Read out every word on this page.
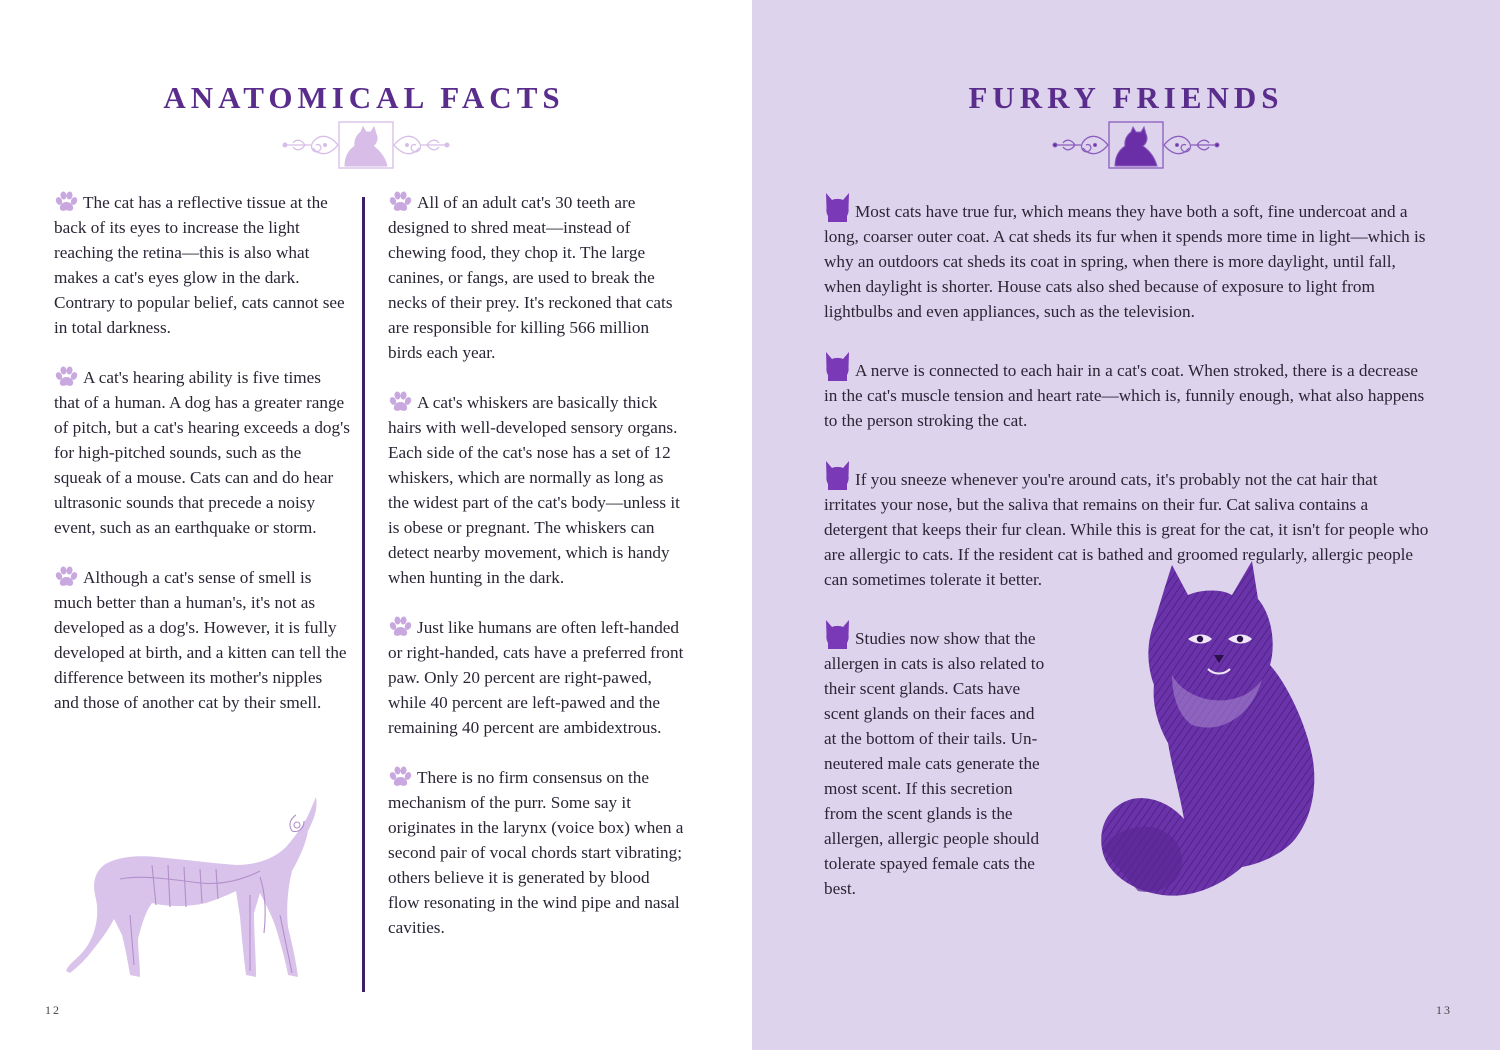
ANATOMICAL FACTS

The cat has a reflective tissue at the back of its eyes to increase the light reaching the retina—this is also what makes a cat's eyes glow in the dark. Contrary to popular belief, cats cannot see in total darkness.

A cat's hearing ability is five times that of a human. A dog has a greater range of pitch, but a cat's hearing exceeds a dog's for high-pitched sounds, such as the squeak of a mouse. Cats can and do hear ultrasonic sounds that precede a noisy event, such as an earthquake or storm.

Although a cat's sense of smell is much better than a human's, it's not as developed as a dog's. However, it is fully developed at birth, and a kitten can tell the difference between its mother's nipples and those of another cat by their smell.

All of an adult cat's 30 teeth are designed to shred meat—instead of chewing food, they chop it. The large canines, or fangs, are used to break the necks of their prey. It's reckoned that cats are responsible for killing 566 million birds each year.

A cat's whiskers are basically thick hairs with well-developed sensory organs. Each side of the cat's nose has a set of 12 whiskers, which are normally as long as the widest part of the cat's body—unless it is obese or pregnant. The whiskers can detect nearby movement, which is handy when hunting in the dark.

Just like humans are often left-handed or right-handed, cats have a preferred front paw. Only 20 percent are right-pawed, while 40 percent are left-pawed and the remaining 40 percent are ambidextrous.

There is no firm consensus on the mechanism of the purr. Some say it originates in the larynx (voice box) when a second pair of vocal chords start vibrating; others believe it is generated by blood flow resonating in the wind pipe and nasal cavities.

12
FURRY FRIENDS

Most cats have true fur, which means they have both a soft, fine undercoat and a long, coarser outer coat. A cat sheds its fur when it spends more time in light—which is why an outdoors cat sheds its coat in spring, when there is more daylight, until fall, when daylight is shorter. House cats also shed because of exposure to light from lightbulbs and even appliances, such as the television.

A nerve is connected to each hair in a cat's coat. When stroked, there is a decrease in the cat's muscle tension and heart rate—which is, funnily enough, what also happens to the person stroking the cat.

If you sneeze whenever you're around cats, it's probably not the cat hair that irritates your nose, but the saliva that remains on their fur. Cat saliva contains a detergent that keeps their fur clean. While this is great for the cat, it isn't for people who are allergic to cats. If the resident cat is bathed and groomed regularly, allergic people can sometimes tolerate it better.

Studies now show that the allergen in cats is also related to their scent glands. Cats have scent glands on their faces and at the bottom of their tails. Un-neutered male cats generate the most scent. If this secretion from the scent glands is the allergen, allergic people should tolerate spayed female cats the best.

13
